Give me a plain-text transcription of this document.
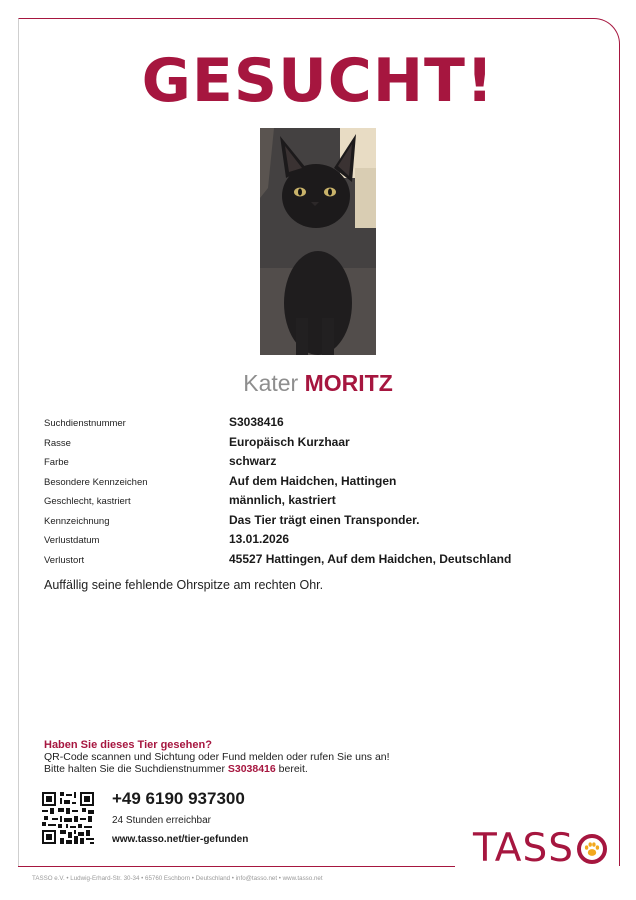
GESUCHT!
Kater MORITZ
Suchdienstnummer	S3038416
Rasse	Europäisch Kurzhaar
Farbe	schwarz
Besondere Kennzeichen	Auf dem Haidchen, Hattingen
Geschlecht, kastriert	männlich, kastriert
Kennzeichnung	Das Tier trägt einen Transponder.
Verlustdatum	13.01.2026
Verlustort	45527 Hattingen, Auf dem Haidchen, Deutschland

Auffällig seine fehlende Ohrspitze am rechten Ohr.

Haben Sie dieses Tier gesehen?
QR-Code scannen und Sichtung oder Fund melden oder rufen Sie uns an!
Bitte halten Sie die Suchdienstnummer S3038416 bereit.
+49 6190 937300
24 Stunden erreichbar
www.tasso.net/tier-gefunden	TASS
TASSO e.V. • Ludwig-Erhard-Str. 30-34 • 65760 Eschborn • Deutschland • info@tasso.net • www.tasso.net
